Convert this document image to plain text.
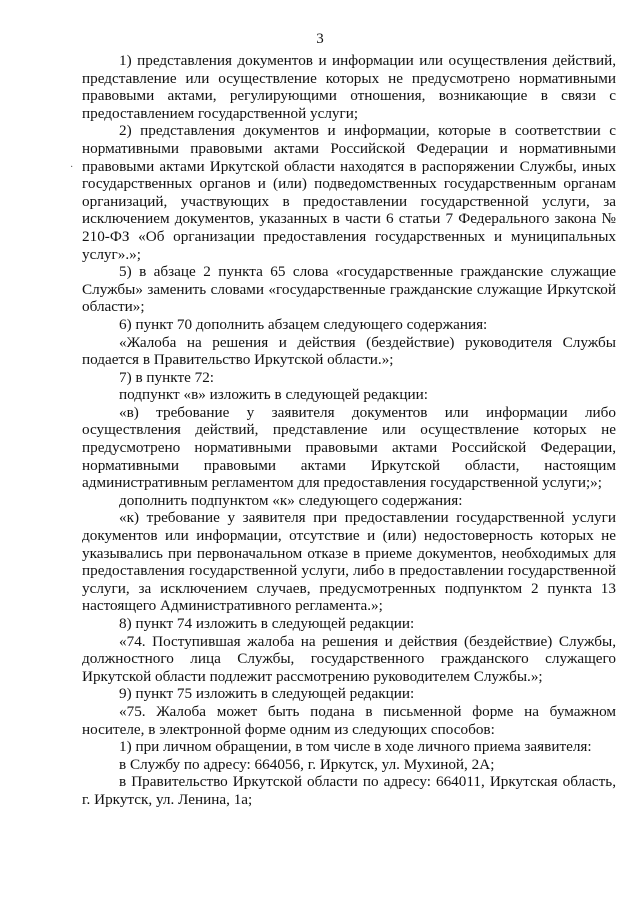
3
·

1) представления документов и информации или осуществления действий, представление или осуществление которых не предусмотрено нормативными правовыми актами, регулирующими отношения, возникающие в связи с предоставлением государственной услуги;

2) представления документов и информации, которые в соответствии с нормативными правовыми актами Российской Федерации и нормативными правовыми актами Иркутской области находятся в распоряжении Службы, иных государственных органов и (или) подведомственных государственным органам организаций, участвующих в предоставлении государственной услуги, за исключением документов, указанных в части 6 статьи 7 Федерального закона № 210-ФЗ «Об организации предоставления государственных и муниципальных услуг».»;

5) в абзаце 2 пункта 65 слова «государственные гражданские служащие Службы» заменить словами «государственные гражданские служащие Иркутской области»;

6) пункт 70 дополнить абзацем следующего содержания:

«Жалоба на решения и действия (бездействие) руководителя Службы подается в Правительство Иркутской области.»;

7) в пункте 72:

подпункт «в» изложить в следующей редакции:

«в) требование у заявителя документов или информации либо осуществления действий, представление или осуществление которых не предусмотрено нормативными правовыми актами Российской Федерации, нормативными правовыми актами Иркутской области, настоящим административным регламентом для предоставления государственной услуги;»;

дополнить подпунктом «к» следующего содержания:

«к) требование у заявителя при предоставлении государственной услуги документов или информации, отсутствие и (или) недостоверность которых не указывались при первоначальном отказе в приеме документов, необходимых для предоставления государственной услуги, либо в предоставлении государственной услуги, за исключением случаев, предусмотренных подпунктом 2 пункта 13 настоящего Административного регламента.»;

8) пункт 74 изложить в следующей редакции:

«74. Поступившая жалоба на решения и действия (бездействие) Службы, должностного лица Службы, государственного гражданского служащего Иркутской области подлежит рассмотрению руководителем Службы.»;

9) пункт 75 изложить в следующей редакции:

«75. Жалоба может быть подана в письменной форме на бумажном носителе, в электронной форме одним из следующих способов:

1) при личном обращении, в том числе в ходе личного приема заявителя:

в Службу по адресу: 664056, г. Иркутск, ул. Мухиной, 2А;

в Правительство Иркутской области по адресу: 664011, Иркутская область, г. Иркутск, ул. Ленина, 1а;
